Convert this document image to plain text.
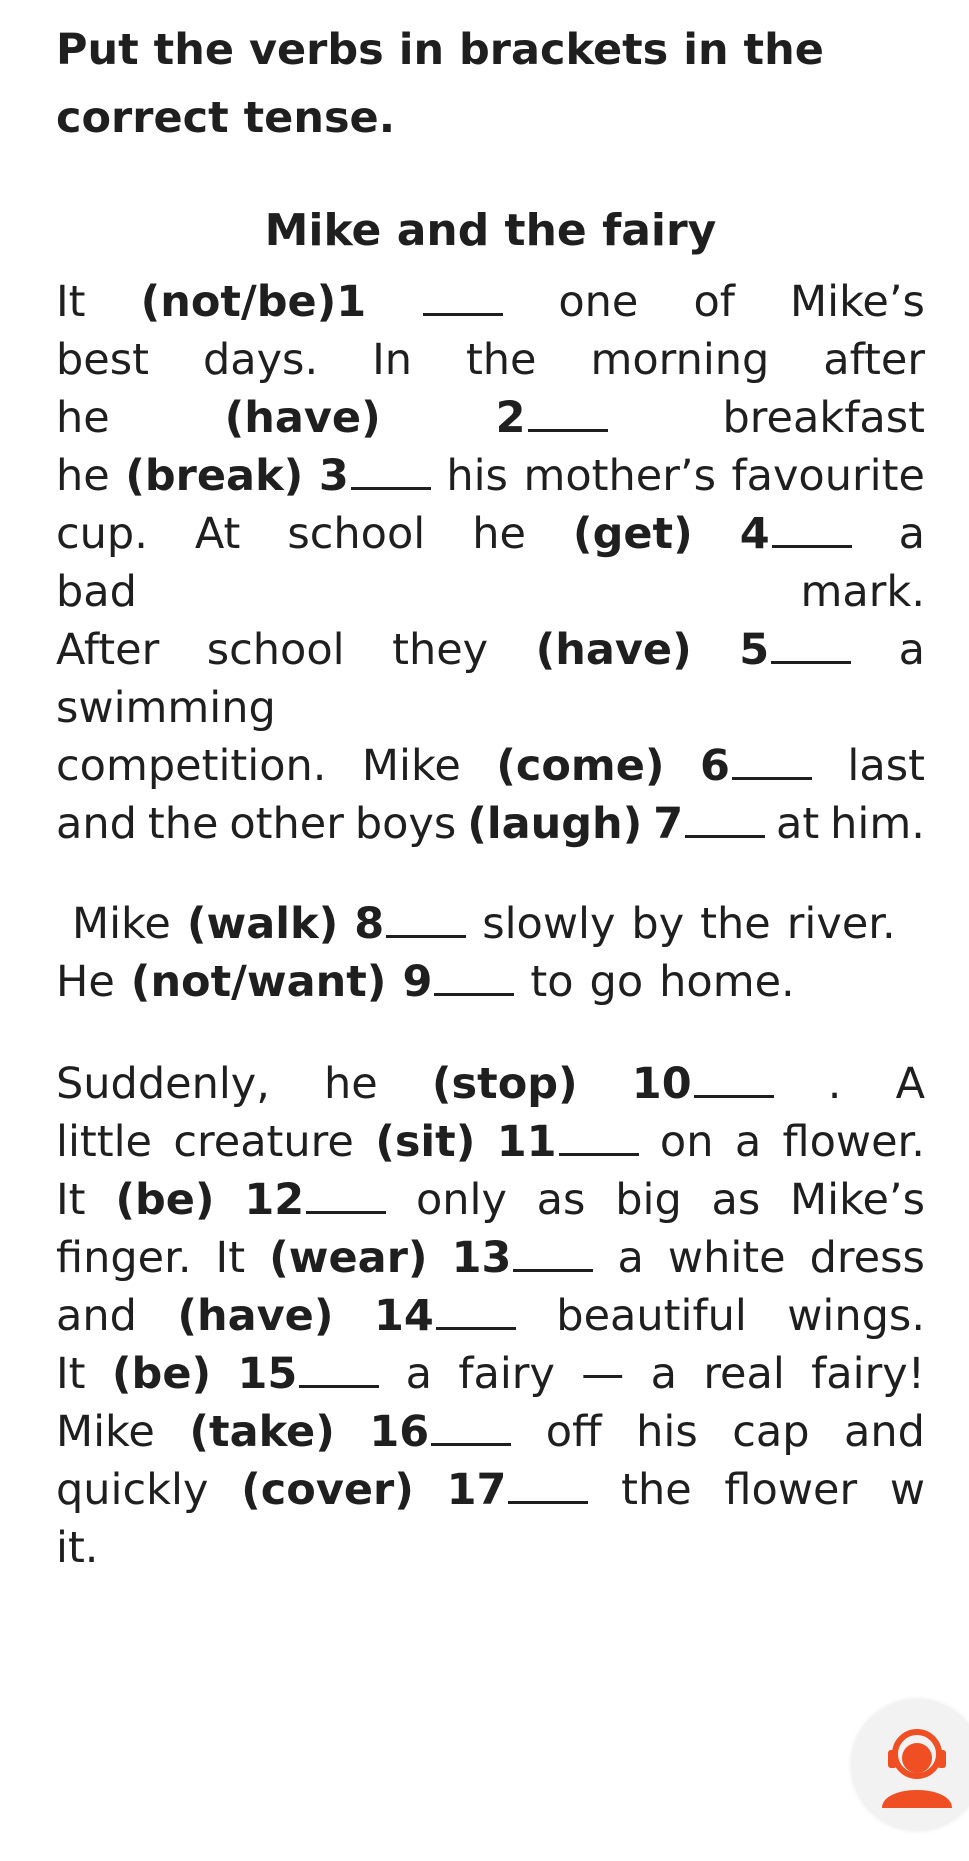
Put the verbs in brackets in the correct tense.
Mike and the fairy
It (not/be)1	one of Mike’s
best days. In the morning after
he	(have)	2	breakfast
he (break) 3	his mother’s favourite
cup. At school he (get) 4	a
bad	mark.
After school they (have) 5	a
swimming
competition. Mike (come) 6	last
and the other boys (laugh) 7	at him.
Mike (walk) 8	slowly by the river.
He (not/want) 9	to go home.
Suddenly, he (stop) 10	. A
little creature (sit) 11	on a flower.
It (be) 12	only as big as Mike’s
finger. It (wear) 13	a white dress
and (have) 14	beautiful wings.
It (be) 15	a fairy — a real fairy!
Mike (take) 16	off his cap and
quickly (cover) 17	the flower w
it.
